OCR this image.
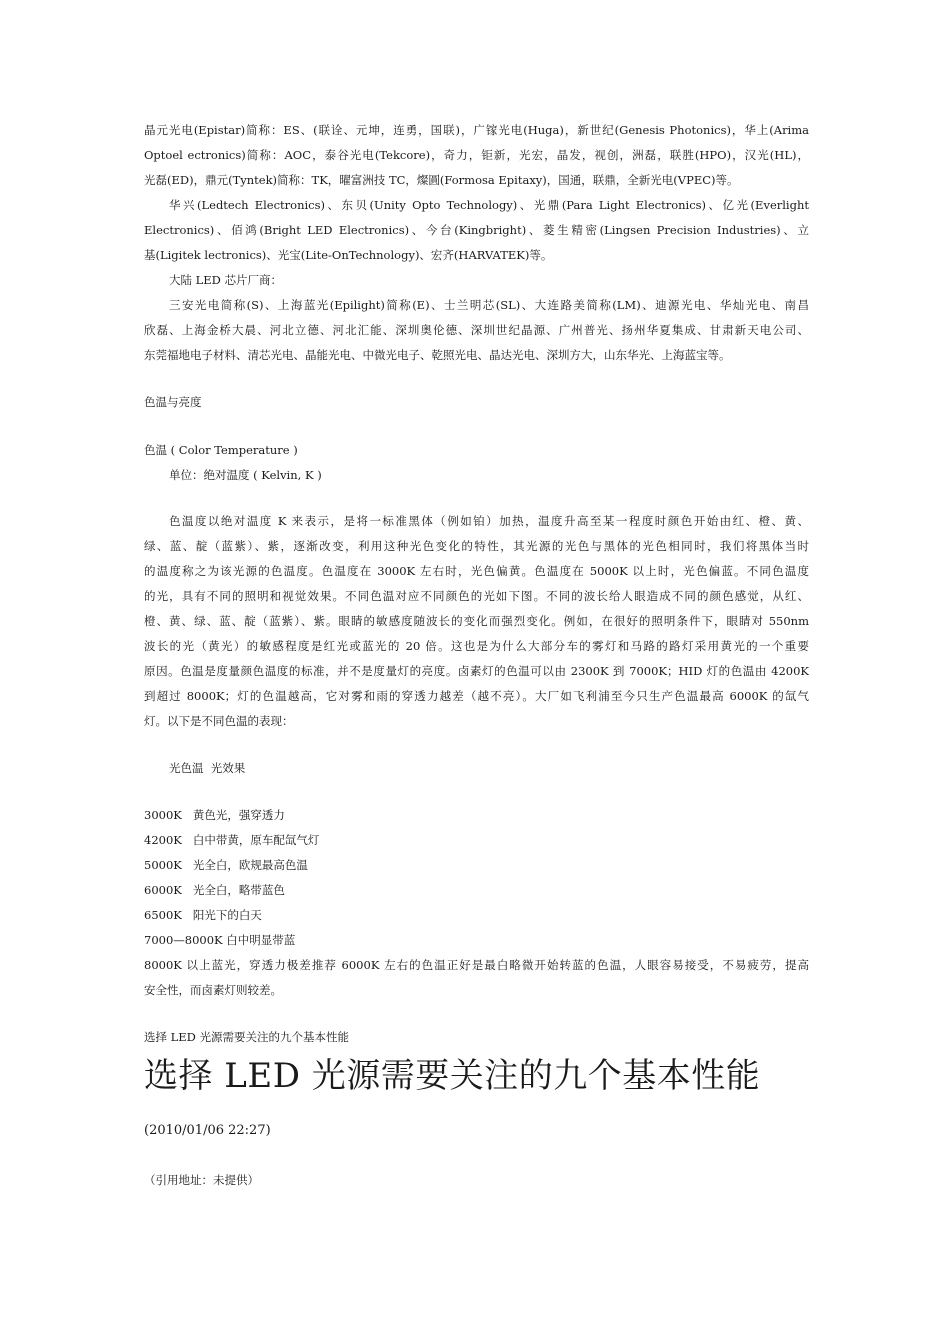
晶元光电(Epistar)简称：ES、(联诠、元坤，连勇，国联)，广镓光电(Huga)，新世纪(Genesis Photonics)，华上(Arima
Optoel ectronics)简称：AOC，泰谷光电(Tekcore)，奇力，钜新，光宏，晶发，视创，洲磊，联胜(HPO)，汉光(HL)，
光磊(ED)，鼎元(Tyntek)简称：TK，曜富洲技 TC，燦圓(Formosa Epitaxy)，国通，联鼎，全新光电(VPEC)等。
华兴(Ledtech Electronics)、东贝(Unity Opto Technology)、光鼎(Para Light Electronics)、亿光(Everlight
Electronics)、佰鸿(Bright LED Electronics)、今台(Kingbright)、菱生精密(Lingsen Precision Industries)、立
基(Ligitek lectronics)、光宝(Lite-OnTechnology)、宏齐(HARVATEK)等。
大陆 LED 芯片厂商：
三安光电简称(S)、上海蓝光(Epilight)简称(E)、士兰明芯(SL)、大连路美简称(LM)、迪源光电、华灿光电、南昌
欣磊、上海金桥大晨、河北立德、河北汇能、深圳奥伦德、深圳世纪晶源、广州普光、扬州华夏集成、甘肃新天电公司、
东莞福地电子材料、清芯光电、晶能光电、中微光电子、乾照光电、晶达光电、深圳方大，山东华光、上海蓝宝等。
色温与亮度
色温 ( Color Temperature )
单位：绝对温度 ( Kelvin, K )
色温度以绝对温度 K 来表示，是将一标准黑体（例如铂）加热，温度升高至某一程度时颜色开始由红、橙、黄、
绿、蓝、靛（蓝紫）、紫，逐渐改变，利用这种光色变化的特性，其光源的光色与黑体的光色相同时，我们将黑体当时
的温度称之为该光源的色温度。色温度在 3000K 左右时，光色偏黄。色温度在 5000K 以上时，光色偏蓝。不同色温度
的光，具有不同的照明和视觉效果。不同色温对应不同颜色的光如下图。不同的波长给人眼造成不同的颜色感觉，从红、
橙、黄、绿、蓝、靛（蓝紫）、紫。眼睛的敏感度随波长的变化而强烈变化。例如，在很好的照明条件下，眼睛对 550nm
波长的光（黄光）的敏感程度是红光或蓝光的 20 倍。这也是为什么大部分车的雾灯和马路的路灯采用黄光的一个重要
原因。色温是度量颜色温度的标准，并不是度量灯的亮度。卤素灯的色温可以由 2300K 到 7000K；HID 灯的色温由 4200K
到超过 8000K；灯的色温越高，它对雾和雨的穿透力越差（越不亮）。大厂如飞利浦至今只生产色温最高 6000K 的氙气
灯。以下是不同色温的表现：
光色温  光效果
3000K   黄色光，强穿透力
4200K   白中带黄，原车配氙气灯
5000K   光全白，欧规最高色温
6000K   光全白，略带蓝色
6500K   阳光下的白天
7000—8000K 白中明显带蓝
8000K 以上蓝光，穿透力极差推荐 6000K 左右的色温正好是最白略微开始转蓝的色温，人眼容易接受，不易疲劳，提高
安全性，而卤素灯则较差。
选择 LED 光源需要关注的九个基本性能
选择 LED 光源需要关注的九个基本性能
(2010/01/06 22:27)
（引用地址：未提供）
